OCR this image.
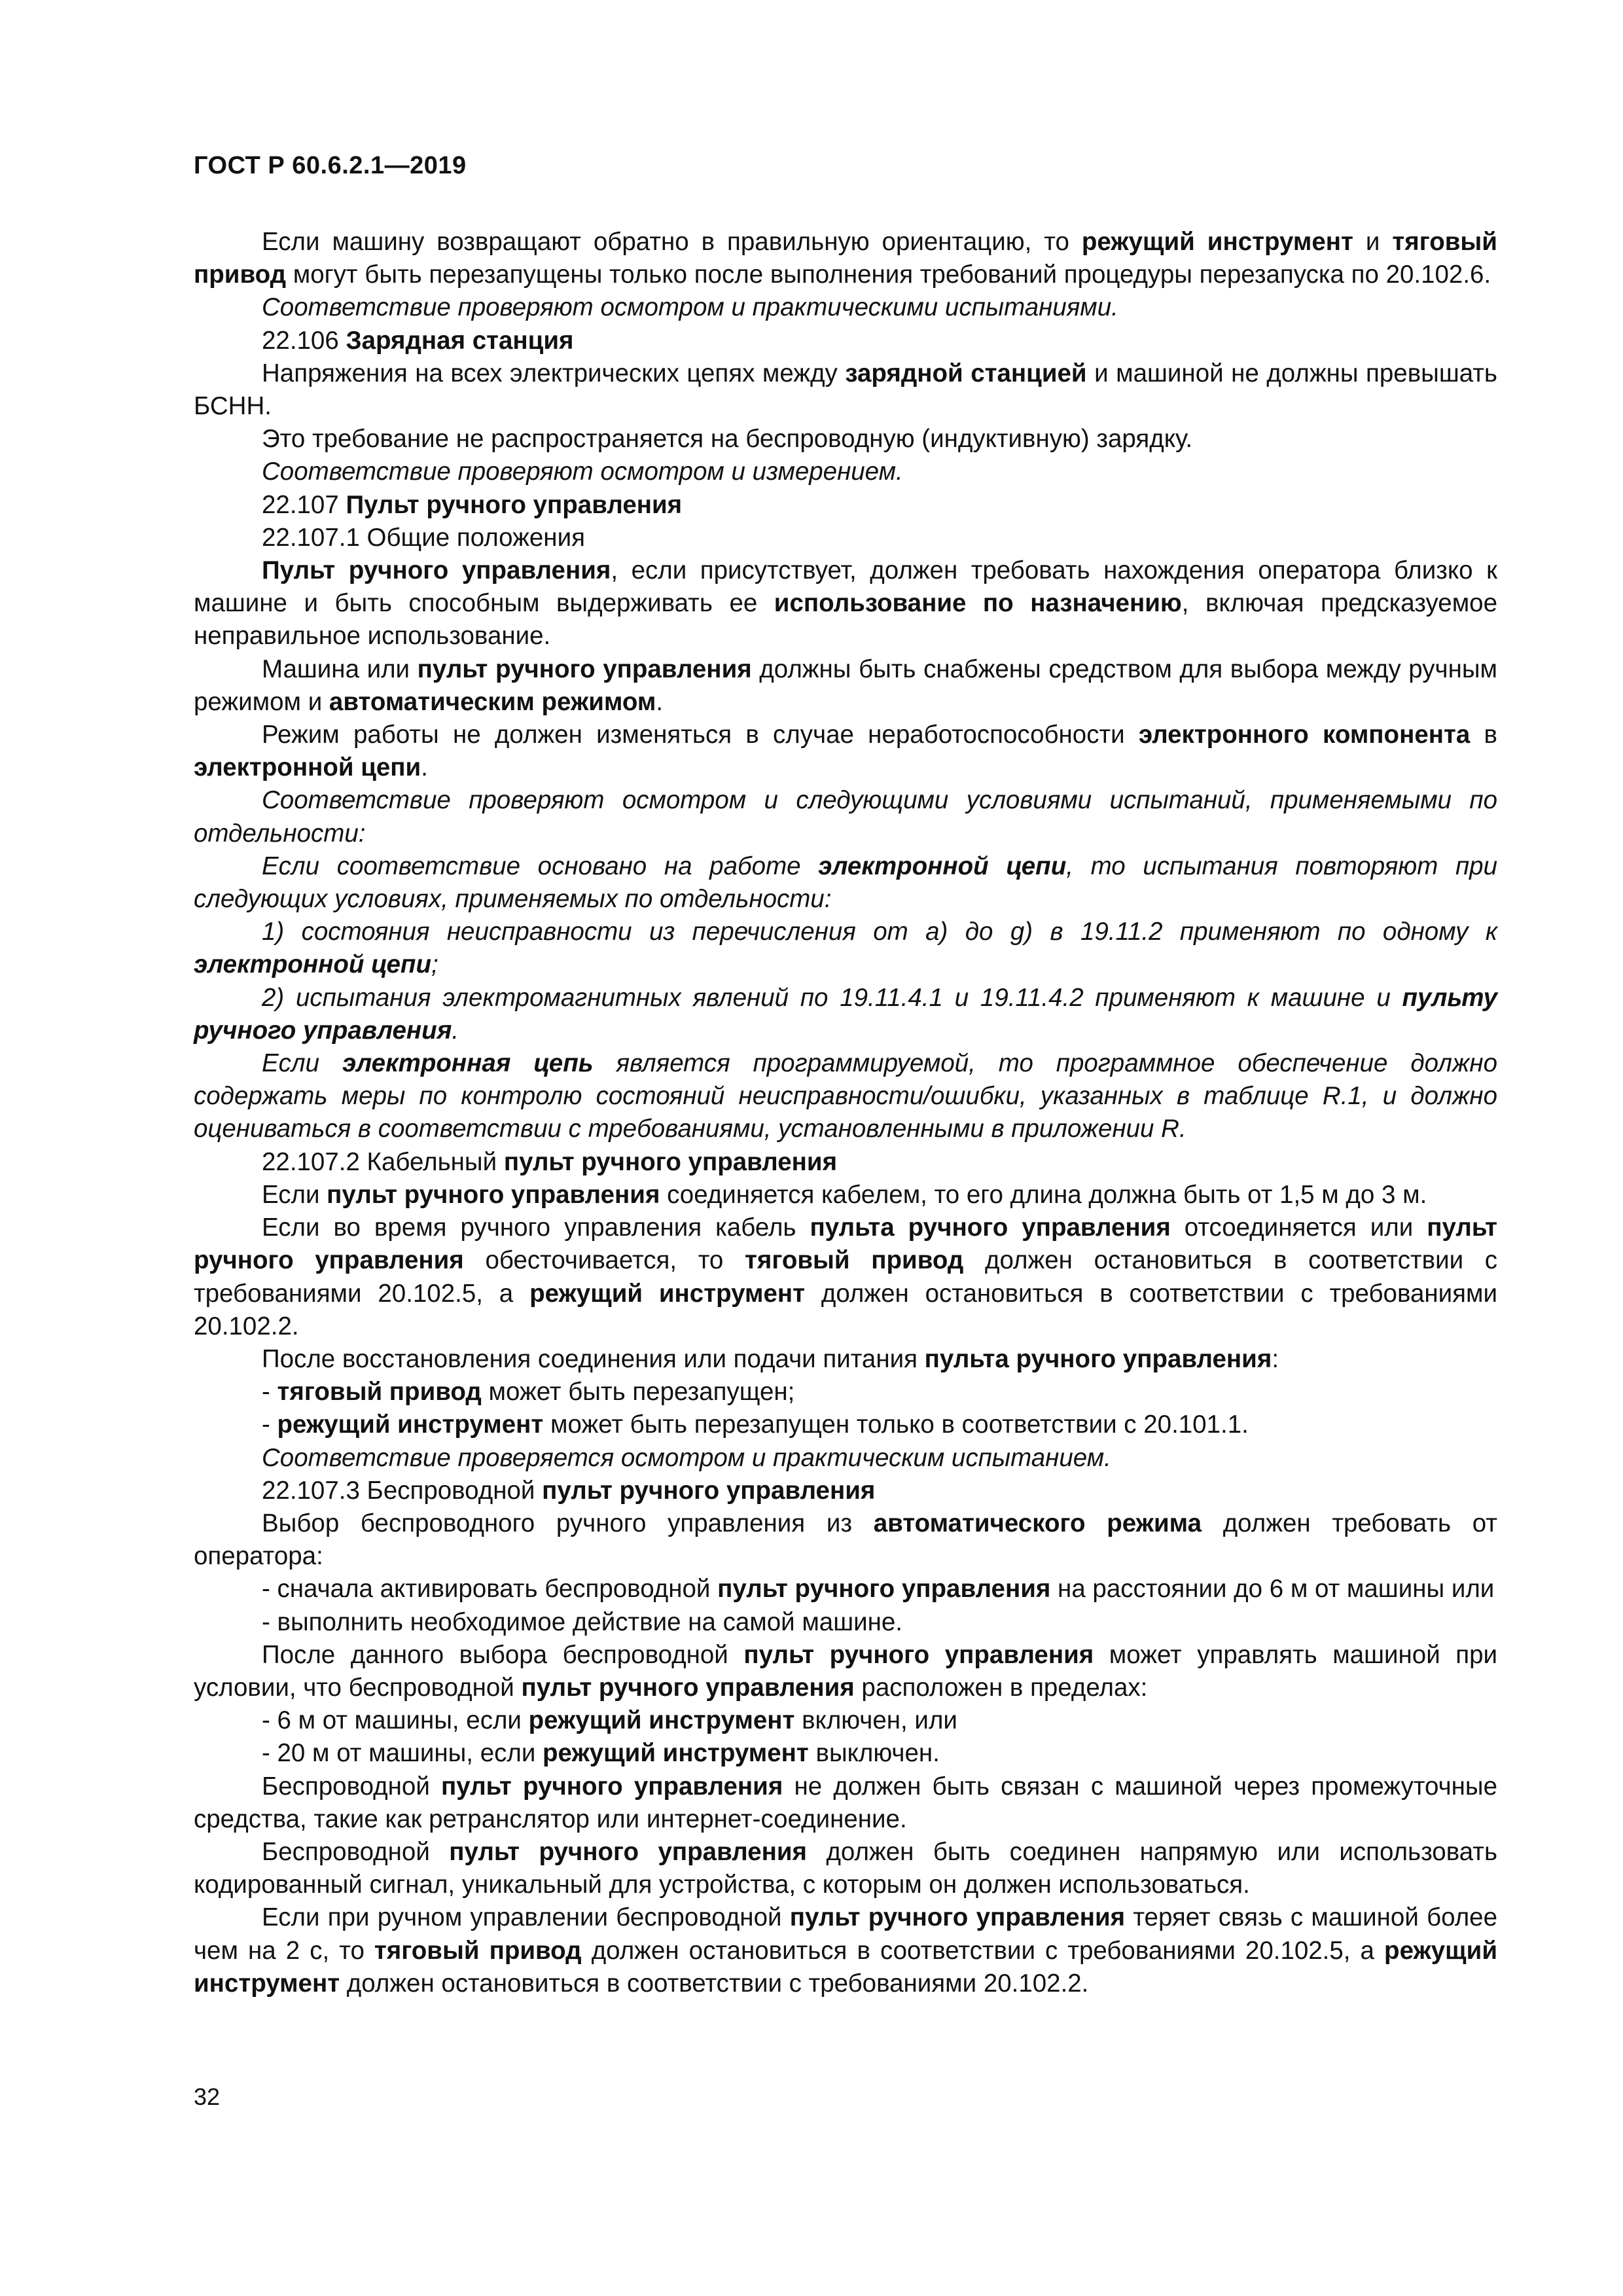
ГОСТ Р 60.6.2.1—2019

Если машину возвращают обратно в правильную ориентацию, то режущий инструмент и тяговый привод могут быть перезапущены только после выполнения требований процедуры перезапуска по 20.102.6.

Соответствие проверяют осмотром и практическими испытаниями.

22.106 Зарядная станция

Напряжения на всех электрических цепях между зарядной станцией и машиной не должны превышать БСНН.

Это требование не распространяется на беспроводную (индуктивную) зарядку.

Соответствие проверяют осмотром и измерением.

22.107 Пульт ручного управления

22.107.1 Общие положения

Пульт ручного управления, если присутствует, должен требовать нахождения оператора близко к машине и быть способным выдерживать ее использование по назначению, включая предсказуемое неправильное использование.

Машина или пульт ручного управления должны быть снабжены средством для выбора между ручным режимом и автоматическим режимом.

Режим работы не должен изменяться в случае неработоспособности электронного компонента в электронной цепи.

Соответствие проверяют осмотром и следующими условиями испытаний, применяемыми по отдельности:

Если соответствие основано на работе электронной цепи, то испытания повторяют при следующих условиях, применяемых по отдельности:

1) состояния неисправности из перечисления от a) до g) в 19.11.2 применяют по одному к электронной цепи;

2) испытания электромагнитных явлений по 19.11.4.1 и 19.11.4.2 применяют к машине и пульту ручного управления.

Если электронная цепь является программируемой, то программное обеспечение должно содержать меры по контролю состояний неисправности/ошибки, указанных в таблице R.1, и должно оцениваться в соответствии с требованиями, установленными в приложении R.

22.107.2 Кабельный пульт ручного управления

Если пульт ручного управления соединяется кабелем, то его длина должна быть от 1,5 м до 3 м.

Если во время ручного управления кабель пульта ручного управления отсоединяется или пульт ручного управления обесточивается, то тяговый привод должен остановиться в соответствии с требованиями 20.102.5, а режущий инструмент должен остановиться в соответствии с требованиями 20.102.2.

После восстановления соединения или подачи питания пульта ручного управления:

- тяговый привод может быть перезапущен;

- режущий инструмент может быть перезапущен только в соответствии с 20.101.1.

Соответствие проверяется осмотром и практическим испытанием.

22.107.3 Беспроводной пульт ручного управления

Выбор беспроводного ручного управления из автоматического режима должен требовать от оператора:

- сначала активировать беспроводной пульт ручного управления на расстоянии до 6 м от машины или

- выполнить необходимое действие на самой машине.

После данного выбора беспроводной пульт ручного управления может управлять машиной при условии, что беспроводной пульт ручного управления расположен в пределах:

- 6 м от машины, если режущий инструмент включен, или

- 20 м от машины, если режущий инструмент выключен.

Беспроводной пульт ручного управления не должен быть связан с машиной через промежуточные средства, такие как ретранслятор или интернет-соединение.

Беспроводной пульт ручного управления должен быть соединен напрямую или использовать кодированный сигнал, уникальный для устройства, с которым он должен использоваться.

Если при ручном управлении беспроводной пульт ручного управления теряет связь с машиной более чем на 2 с, то тяговый привод должен остановиться в соответствии с требованиями 20.102.5, а режущий инструмент должен остановиться в соответствии с требованиями 20.102.2.

32
